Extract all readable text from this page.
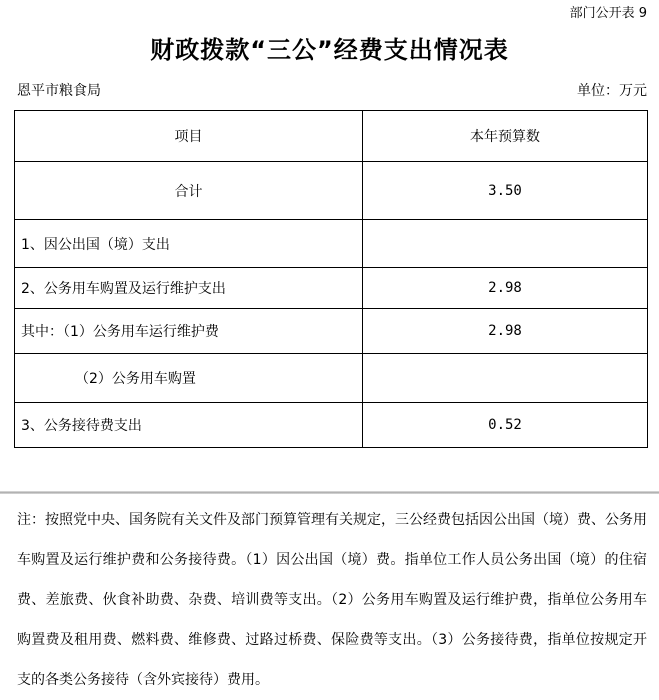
部门公开表 9
财政拨款“三公”经费支出情况表
恩平市粮食局	单位：万元
项目	本年预算数
合计	3.50
1、因公出国（境）支出	
2、公务用车购置及运行维护支出	2.98
其中：（1）公务用车运行维护费	2.98
（2）公务用车购置	
3、公务接待费支出	0.52
注：按照党中央、国务院有关文件及部门预算管理有关规定，三公经费包括因公出国（境）费、公务用车购置及运行维护费和公务接待费。（1）因公出国（境）费。指单位工作人员公务出国（境）的住宿费、差旅费、伙食补助费、杂费、培训费等支出。（2）公务用车购置及运行维护费，指单位公务用车购置费及租用费、燃料费、维修费、过路过桥费、保险费等支出。（3）公务接待费，指单位按规定开支的各类公务接待（含外宾接待）费用。
